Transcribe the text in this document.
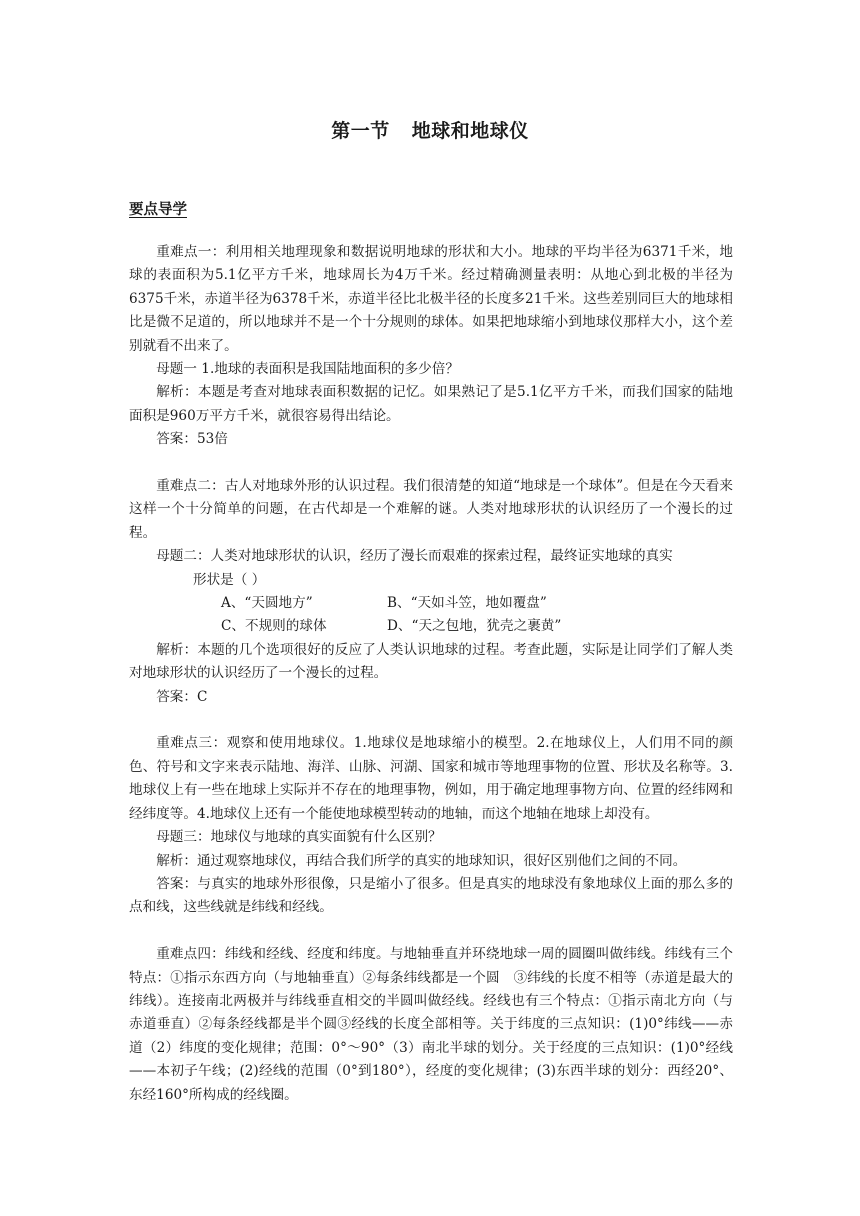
第一节 地球和地球仪
要点导学

重难点一：利用相关地理现象和数据说明地球的形状和大小。地球的平均半径为6371千米，地球的表面积为5.1亿平方千米，地球周长为4万千米。经过精确测量表明：从地心到北极的半径为6375千米，赤道半径为6378千米，赤道半径比北极半径的长度多21千米。这些差别同巨大的地球相比是微不足道的，所以地球并不是一个十分规则的球体。如果把地球缩小到地球仪那样大小，这个差别就看不出来了。

母题一 1.地球的表面积是我国陆地面积的多少倍？

解析：本题是考查对地球表面积数据的记忆。如果熟记了是5.1亿平方千米，而我们国家的陆地面积是960万平方千米，就很容易得出结论。

答案：53倍

重难点二：古人对地球外形的认识过程。我们很清楚的知道“地球是一个球体”。但是在今天看来这样一个十分简单的问题，在古代却是一个难解的谜。人类对地球形状的认识经历了一个漫长的过程。

母题二：人类对地球形状的认识，经历了漫长而艰难的探索过程，最终证实地球的真实

形状是（ ）

A、“天圆地方”	B、“天如斗笠，地如覆盘”
C、不规则的球体	D、“天之包地，犹壳之裹黄”

解析：本题的几个选项很好的反应了人类认识地球的过程。考查此题，实际是让同学们了解人类对地球形状的认识经历了一个漫长的过程。

答案：C

重难点三：观察和使用地球仪。1.地球仪是地球缩小的模型。2.在地球仪上，人们用不同的颜色、符号和文字来表示陆地、海洋、山脉、河湖、国家和城市等地理事物的位置、形状及名称等。3.地球仪上有一些在地球上实际并不存在的地理事物，例如，用于确定地理事物方向、位置的经纬网和经纬度等。4.地球仪上还有一个能使地球模型转动的地轴，而这个地轴在地球上却没有。

母题三：地球仪与地球的真实面貌有什么区别？

解析：通过观察地球仪，再结合我们所学的真实的地球知识，很好区别他们之间的不同。

答案：与真实的地球外形很像，只是缩小了很多。但是真实的地球没有象地球仪上面的那么多的点和线，这些线就是纬线和经线。

重难点四：纬线和经线、经度和纬度。与地轴垂直并环绕地球一周的圆圈叫做纬线。纬线有三个特点：①指示东西方向（与地轴垂直）②每条纬线都是一个圆　③纬线的长度不相等（赤道是最大的纬线）。连接南北两极并与纬线垂直相交的半圆叫做经线。经线也有三个特点：①指示南北方向（与赤道垂直）②每条经线都是半个圆③经线的长度全部相等。关于纬度的三点知识：(1)0°纬线——赤道（2）纬度的变化规律；范围：0°～90°（3）南北半球的划分。关于经度的三点知识：(1)0°经线——本初子午线；(2)经线的范围（0°到180°），经度的变化规律；(3)东西半球的划分：西经20°、东经160°所构成的经线圈。
